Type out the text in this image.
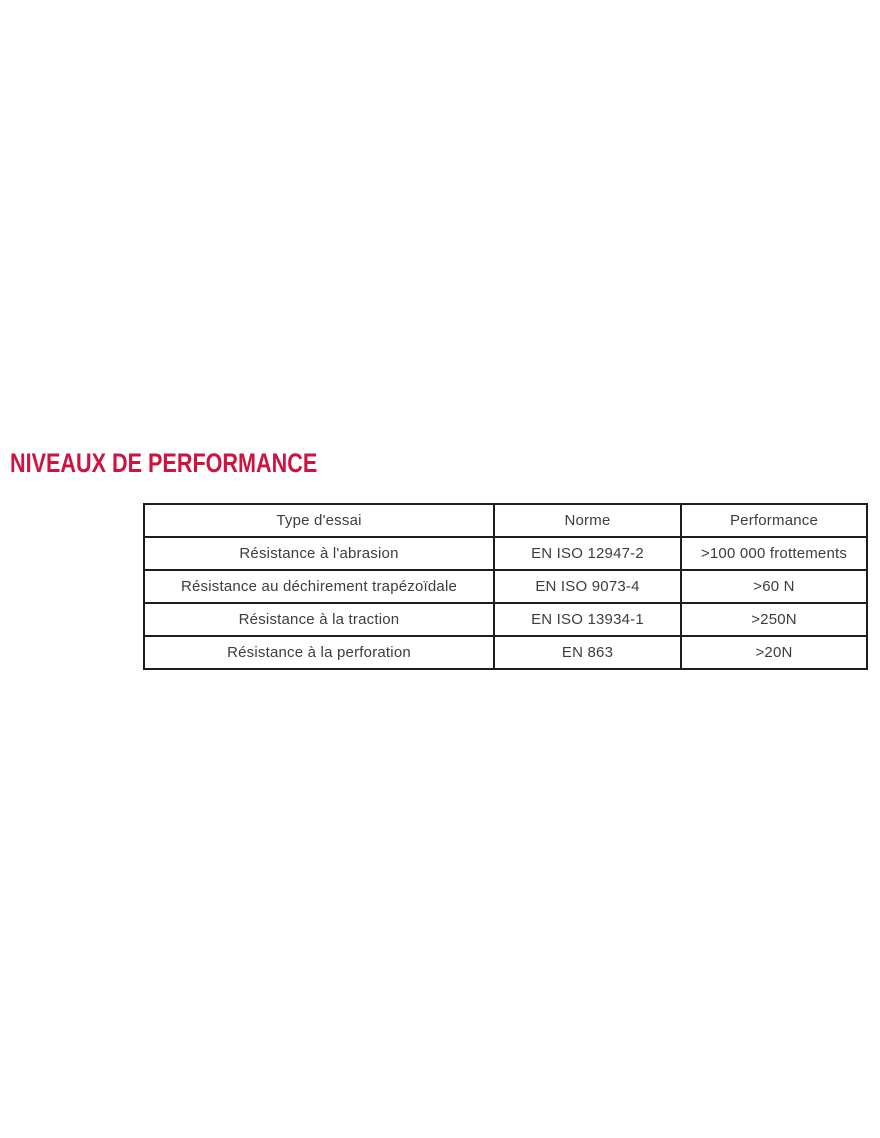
NIVEAUX DE PERFORMANCE
Type d'essai	Norme	Performance
Résistance à l'abrasion	EN ISO 12947-2	>100 000 frottements
Résistance au déchirement trapézoïdale	EN ISO 9073-4	>60 N
Résistance à la traction	EN ISO 13934-1	>250N
Résistance à la perforation	EN 863	>20N
